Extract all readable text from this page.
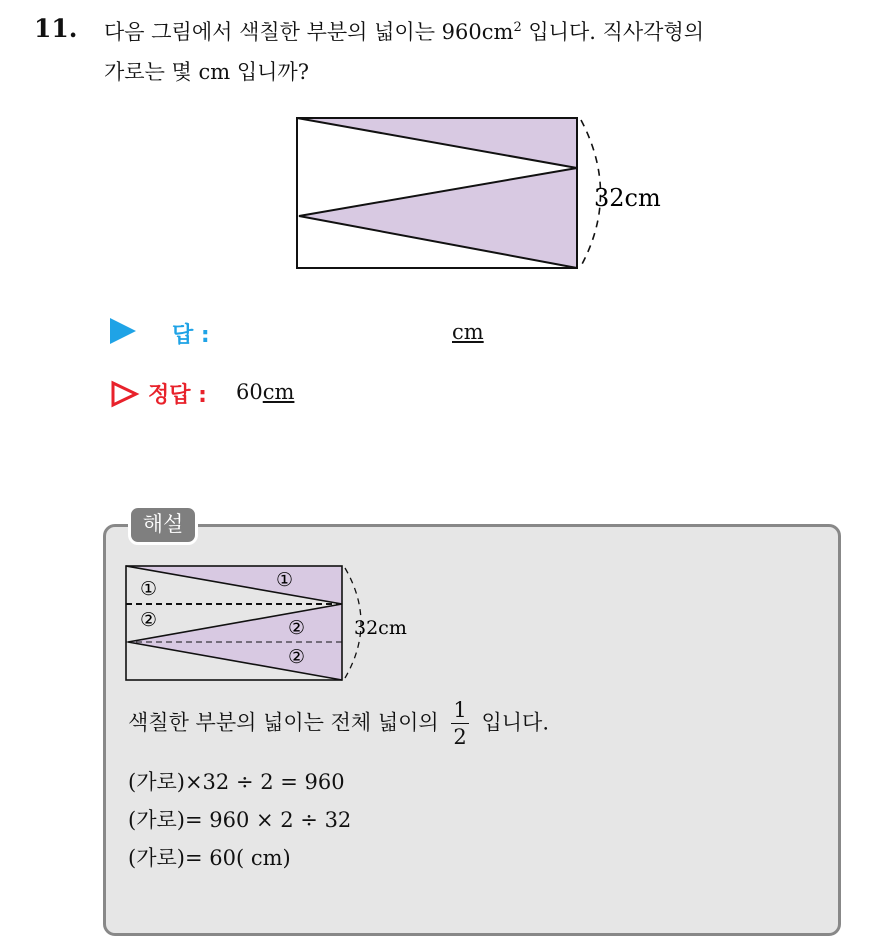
11. 다음 그림에서 색칠한 부분의 넓이는 $960cm^2$ 입니다. 직사각형의
가로는 몇 cm 입니까?
32cm
답 :	cm
정답 : 60cm
해설
①	①
②	②
②
32cm
색칠한 부분의 넓이는 전체 넓이의 $\frac{1}{2}$ 입니다.
(가로)×32 ÷ 2 = 960
(가로)= 960 × 2 ÷ 32
(가로)= 60( cm)
